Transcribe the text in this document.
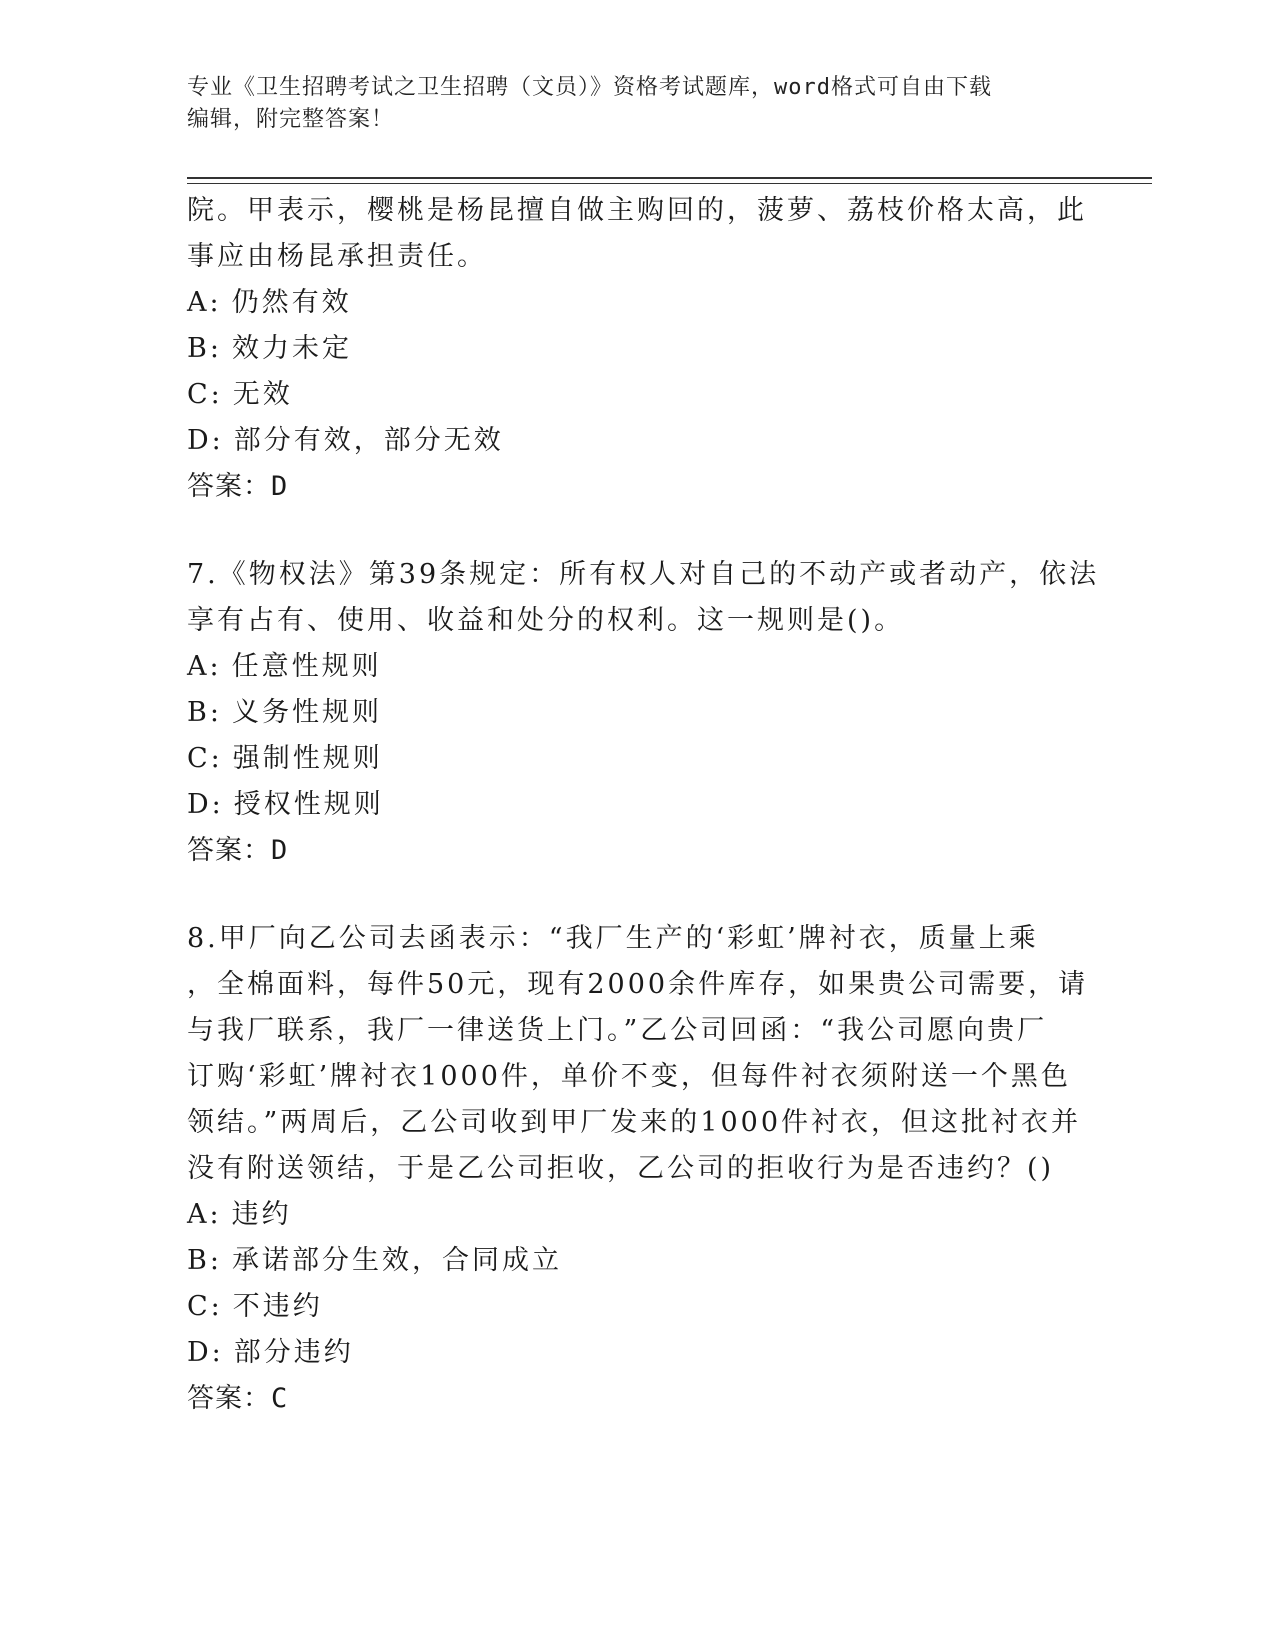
专业《卫生招聘考试之卫生招聘（文员）》资格考试题库，word格式可自由下载
编辑，附完整答案！
院。甲表示，樱桃是杨昆擅自做主购回的，菠萝、荔枝价格太高，此
事应由杨昆承担责任。
A: 仍然有效
B: 效力未定
C: 无效
D: 部分有效，部分无效
答案：D
7.《物权法》第39条规定：所有权人对自己的不动产或者动产，依法
享有占有、使用、收益和处分的权利。这一规则是()。
A: 任意性规则
B: 义务性规则
C: 强制性规则
D: 授权性规则
答案：D
8.甲厂向乙公司去函表示：“我厂生产的‘彩虹’牌衬衣，质量上乘
，全棉面料，每件50元，现有2000余件库存，如果贵公司需要，请
与我厂联系，我厂一律送货上门。”乙公司回函：“我公司愿向贵厂
订购‘彩虹’牌衬衣1000件，单价不变，但每件衬衣须附送一个黑色
领结。”两周后，乙公司收到甲厂发来的1000件衬衣，但这批衬衣并
没有附送领结，于是乙公司拒收，乙公司的拒收行为是否违约？()
A: 违约
B: 承诺部分生效，合同成立
C: 不违约
D: 部分违约
答案：C
